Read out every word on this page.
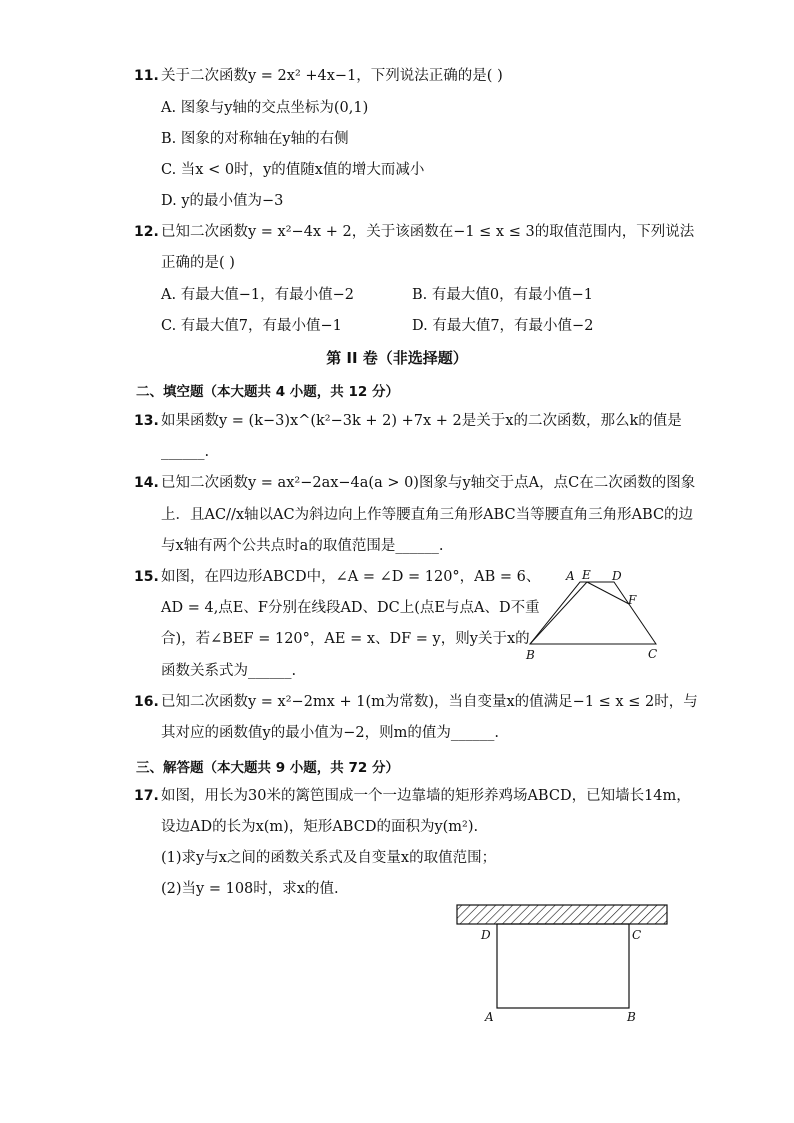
11. 关于二次函数y = 2x² +4x−1，下列说法正确的是( )
A. 图象与y轴的交点坐标为(0,1)
B. 图象的对称轴在y轴的右侧
C. 当x < 0时，y的值随x值的增大而减小
D. y的最小值为−3
12. 已知二次函数y = x²−4x + 2，关于该函数在−1 ≤ x ≤ 3的取值范围内，下列说法
正确的是( )
A. 有最大值−1，有最小值−2	B. 有最大值0，有最小值−1
C. 有最大值7，有最小值−1	D. 有最大值7，有最小值−2
第 II 卷（非选择题）
二、填空题（本大题共 4 小题，共 12 分）
13. 如果函数y = (k−3)x^(k²−3k + 2) +7x + 2是关于x的二次函数，那么k的值是
______.
14. 已知二次函数y = ax²−2ax−4a(a > 0)图象与y轴交于点A，点C在二次函数的图象
上．且AC//x轴以AC为斜边向上作等腰直角三角形ABC当等腰直角三角形ABC的边
与x轴有两个公共点时a的取值范围是______.
15. 如图，在四边形ABCD中，∠A = ∠D = 120°，AB = 6、
AD = 4,点E、F分别在线段AD、DC上(点E与点A、D不重
合)，若∠BEF = 120°，AE = x、DF = y，则y关于x的
函数关系式为______.
A E D
F
B	C
16. 已知二次函数y = x²−2mx + 1(m为常数)，当自变量x的值满足−1 ≤ x ≤ 2时，与
其对应的函数值y的最小值为−2，则m的值为______.
三、解答题（本大题共 9 小题，共 72 分）
17. 如图，用长为30米的篱笆围成一个一边靠墙的矩形养鸡场ABCD，已知墙长14m，
设边AD的长为x(m)，矩形ABCD的面积为y(m²).
(1)求y与x之间的函数关系式及自变量x的取值范围；
(2)当y = 108时，求x的值.
D	C
A	B
